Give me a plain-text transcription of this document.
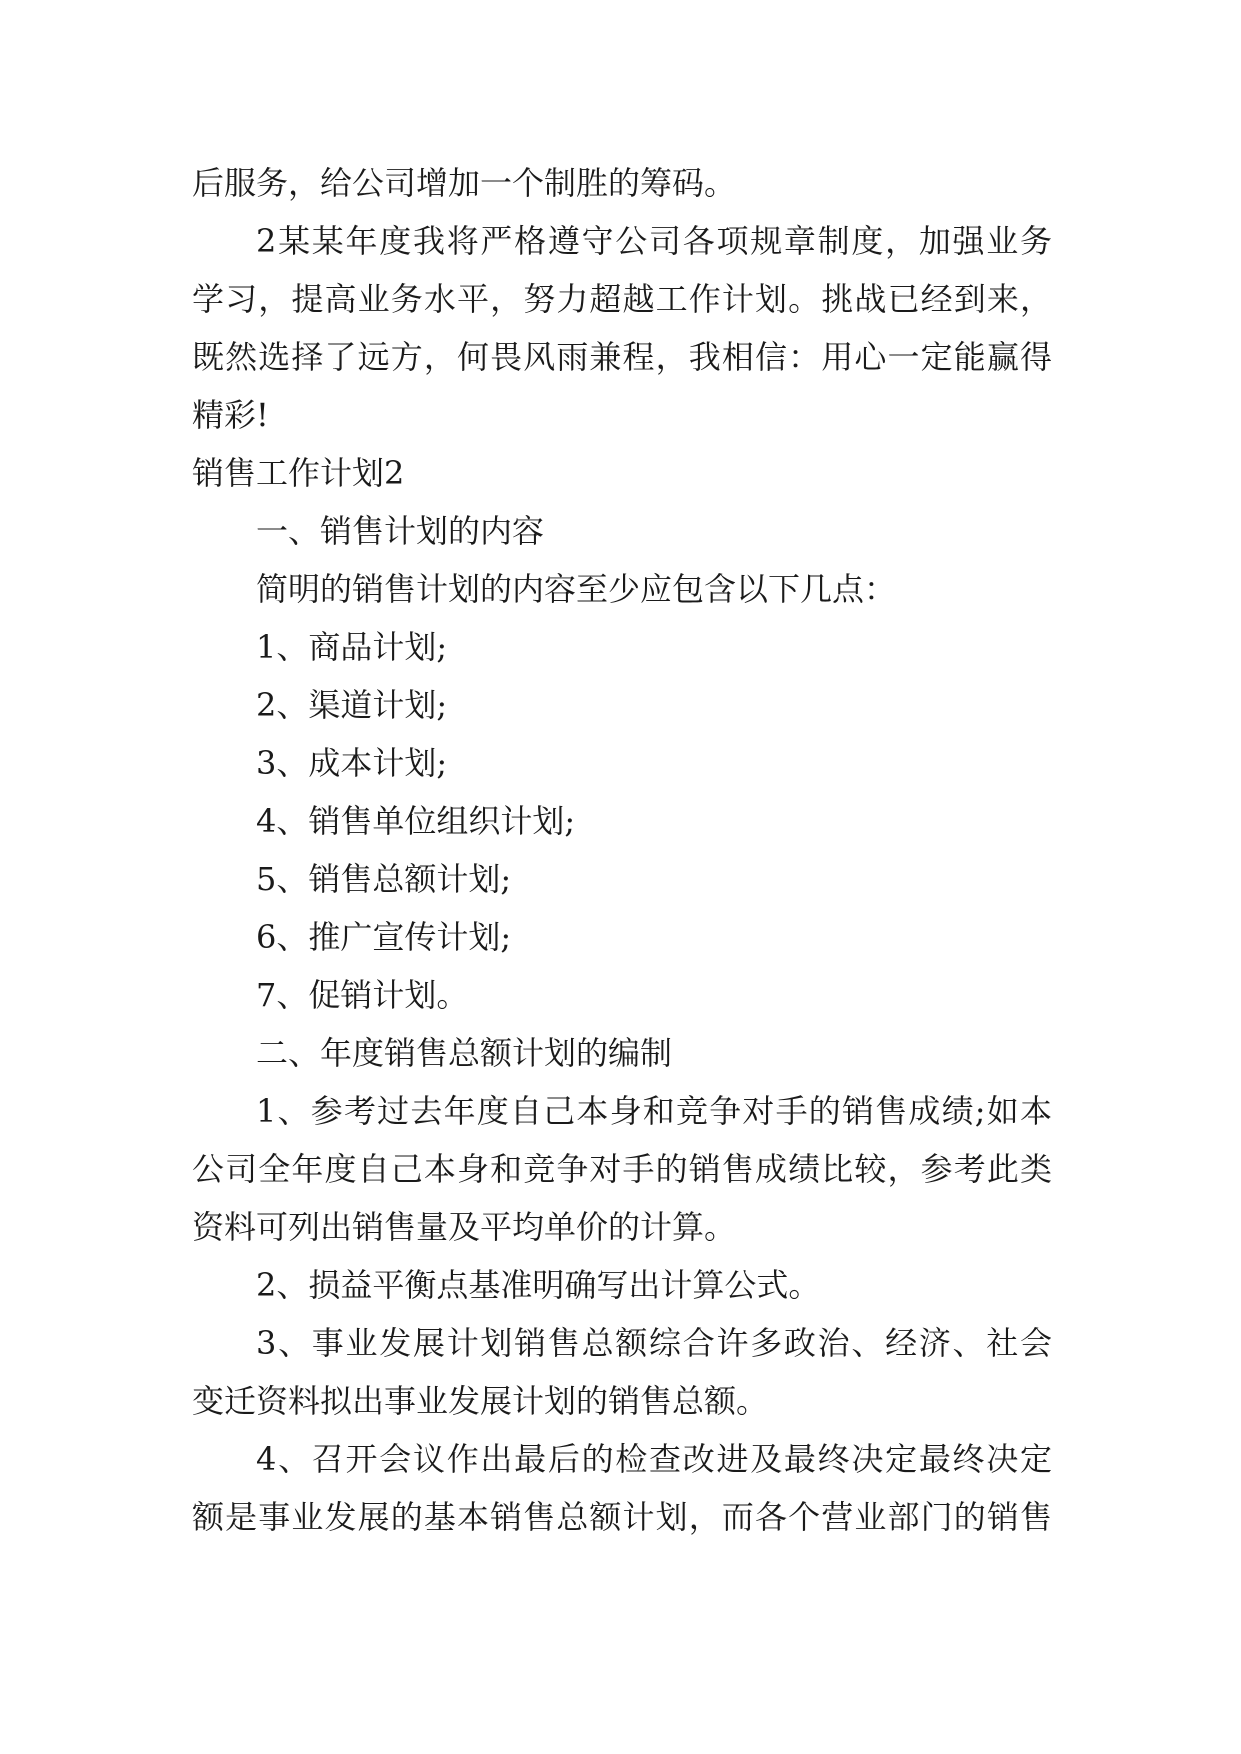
后服务，给公司增加一个制胜的筹码。
2某某年度我将严格遵守公司各项规章制度，加强业务
学习，提高业务水平，努力超越工作计划。挑战已经到来，
既然选择了远方，何畏风雨兼程，我相信：用心一定能赢得
精彩!
销售工作计划2
一、销售计划的内容
简明的销售计划的内容至少应包含以下几点：
1、商品计划;
2、渠道计划;
3、成本计划;
4、销售单位组织计划;
5、销售总额计划;
6、推广宣传计划;
7、促销计划。
二、年度销售总额计划的编制
1、参考过去年度自己本身和竞争对手的销售成绩;如本
公司全年度自己本身和竞争对手的销售成绩比较，参考此类
资料可列出销售量及平均单价的计算。
2、损益平衡点基准明确写出计算公式。
3、事业发展计划销售总额综合许多政治、经济、社会
变迁资料拟出事业发展计划的销售总额。
4、召开会议作出最后的检查改进及最终决定最终决定
额是事业发展的基本销售总额计划，而各个营业部门的销售
